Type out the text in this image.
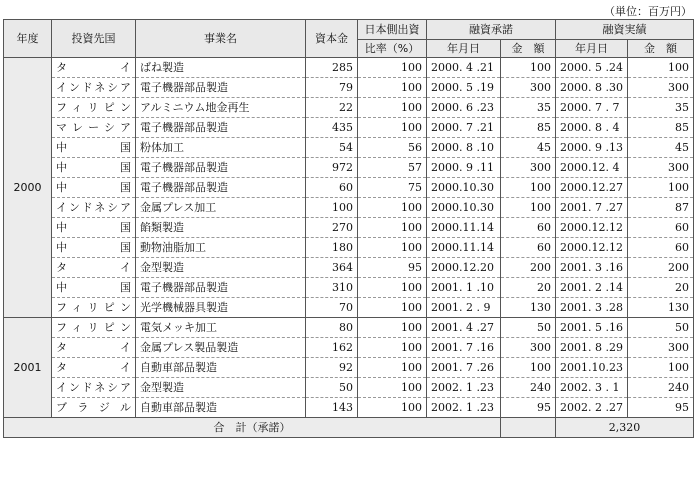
（単位：百万円）
年度	投資先国	事業名	資本金	日本側出資	融資承諾		融資実績	
				比率（%）	年月日	金　額	年月日	金　額
2000	タイ	ばね製造	285	100	2000. 4 .21	100	2000. 5 .24	100
	インドネシア	電子機器部品製造	79	100	2000. 5 .19	300	2000. 8 .30	300
	フィリピン	アルミニウム地金再生	22	100	2000. 6 .23	35	2000. 7 . 7	35
	マレーシア	電子機器部品製造	435	100	2000. 7 .21	85	2000. 8 . 4	85
	中国	粉体加工	54	56	2000. 8 .10	45	2000. 9 .13	45
	中国	電子機器部品製造	972	57	2000. 9 .11	300	2000.12. 4	300
	中国	電子機器部品製造	60	75	2000.10.30	100	2000.12.27	100
	インドネシア	金属プレス加工	100	100	2000.10.30	100	2001. 7 .27	87
	中国	餡類製造	270	100	2000.11.14	60	2000.12.12	60
	中国	動物油脂加工	180	100	2000.11.14	60	2000.12.12	60
	タイ	金型製造	364	95	2000.12.20	200	2001. 3 .16	200
	中国	電子機器部品製造	310	100	2001. 1 .10	20	2001. 2 .14	20
	フィリピン	光学機械器具製造	70	100	2001. 2 . 9	130	2001. 3 .28	130
2001	フィリピン	電気メッキ加工	80	100	2001. 4 .27	50	2001. 5 .16	50
	タイ	金属プレス製品製造	162	100	2001. 7 .16	300	2001. 8 .29	300
	タイ	自動車部品製造	92	100	2001. 7 .26	100	2001.10.23	100
	インドネシア	金型製造	50	100	2002. 1 .23	240	2002. 3 . 1	240
	ブラジル	自動車部品製造	143	100	2002. 1 .23	95	2002. 2 .27	95
合　計（承諾）							2,320	
